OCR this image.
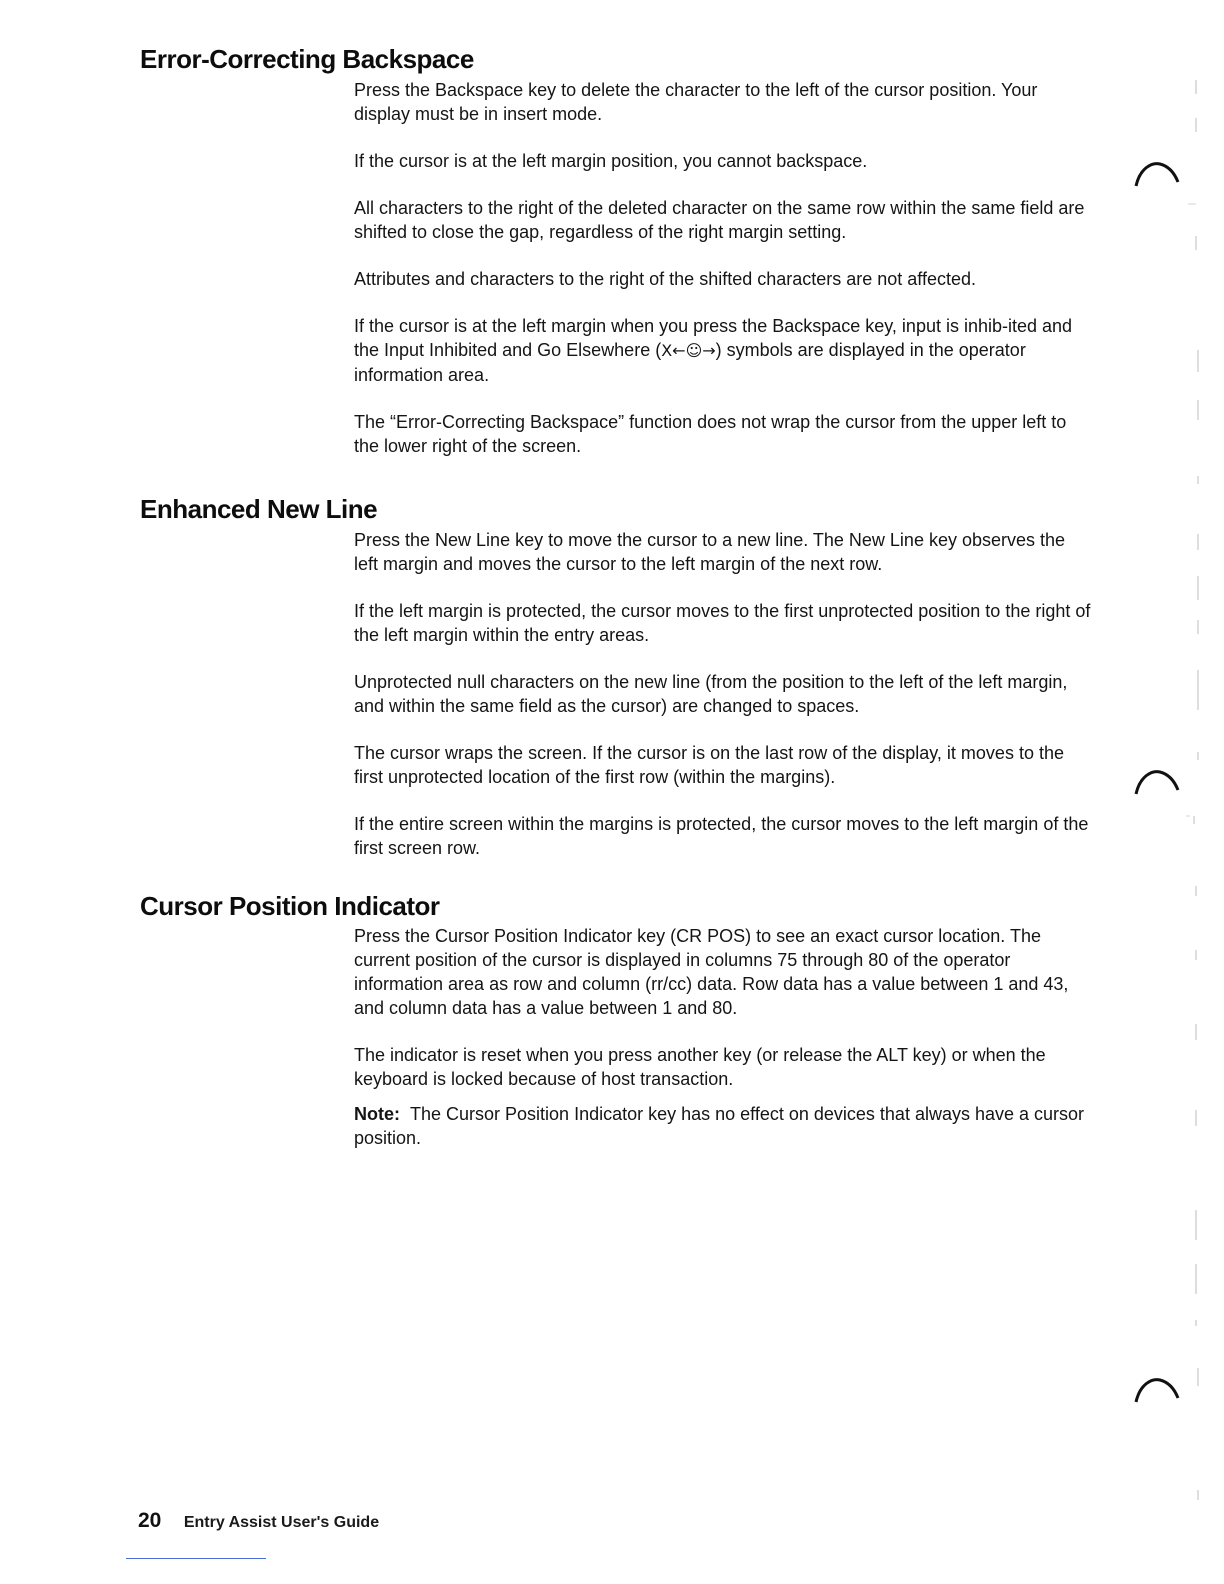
Error-Correcting Backspace

Press the Backspace key to delete the character to the left of the cursor position. Your display must be in insert mode.

If the cursor is at the left margin position, you cannot backspace.

All characters to the right of the deleted character on the same row within the same field are shifted to close the gap, regardless of the right margin setting.

Attributes and characters to the right of the shifted characters are not affected.

If the cursor is at the left margin when you press the Backspace key, input is inhib-ited and the Input Inhibited and Go Elsewhere (X←☺→) symbols are displayed in the operator information area.

The “Error-Correcting Backspace” function does not wrap the cursor from the upper left to the lower right of the screen.

Enhanced New Line

Press the New Line key to move the cursor to a new line. The New Line key observes the left margin and moves the cursor to the left margin of the next row.

If the left margin is protected, the cursor moves to the first unprotected position to the right of the left margin within the entry areas.

Unprotected null characters on the new line (from the position to the left of the left margin, and within the same field as the cursor) are changed to spaces.

The cursor wraps the screen. If the cursor is on the last row of the display, it moves to the first unprotected location of the first row (within the margins).

If the entire screen within the margins is protected, the cursor moves to the left margin of the first screen row.

Cursor Position Indicator

Press the Cursor Position Indicator key (CR POS) to see an exact cursor location. The current position of the cursor is displayed in columns 75 through 80 of the operator information area as row and column (rr/cc) data. Row data has a value between 1 and 43, and column data has a value between 1 and 80.

The indicator is reset when you press another key (or release the ALT key) or when the keyboard is locked because of host transaction.

Note: The Cursor Position Indicator key has no effect on devices that always have a cursor position.

20 Entry Assist User's Guide
